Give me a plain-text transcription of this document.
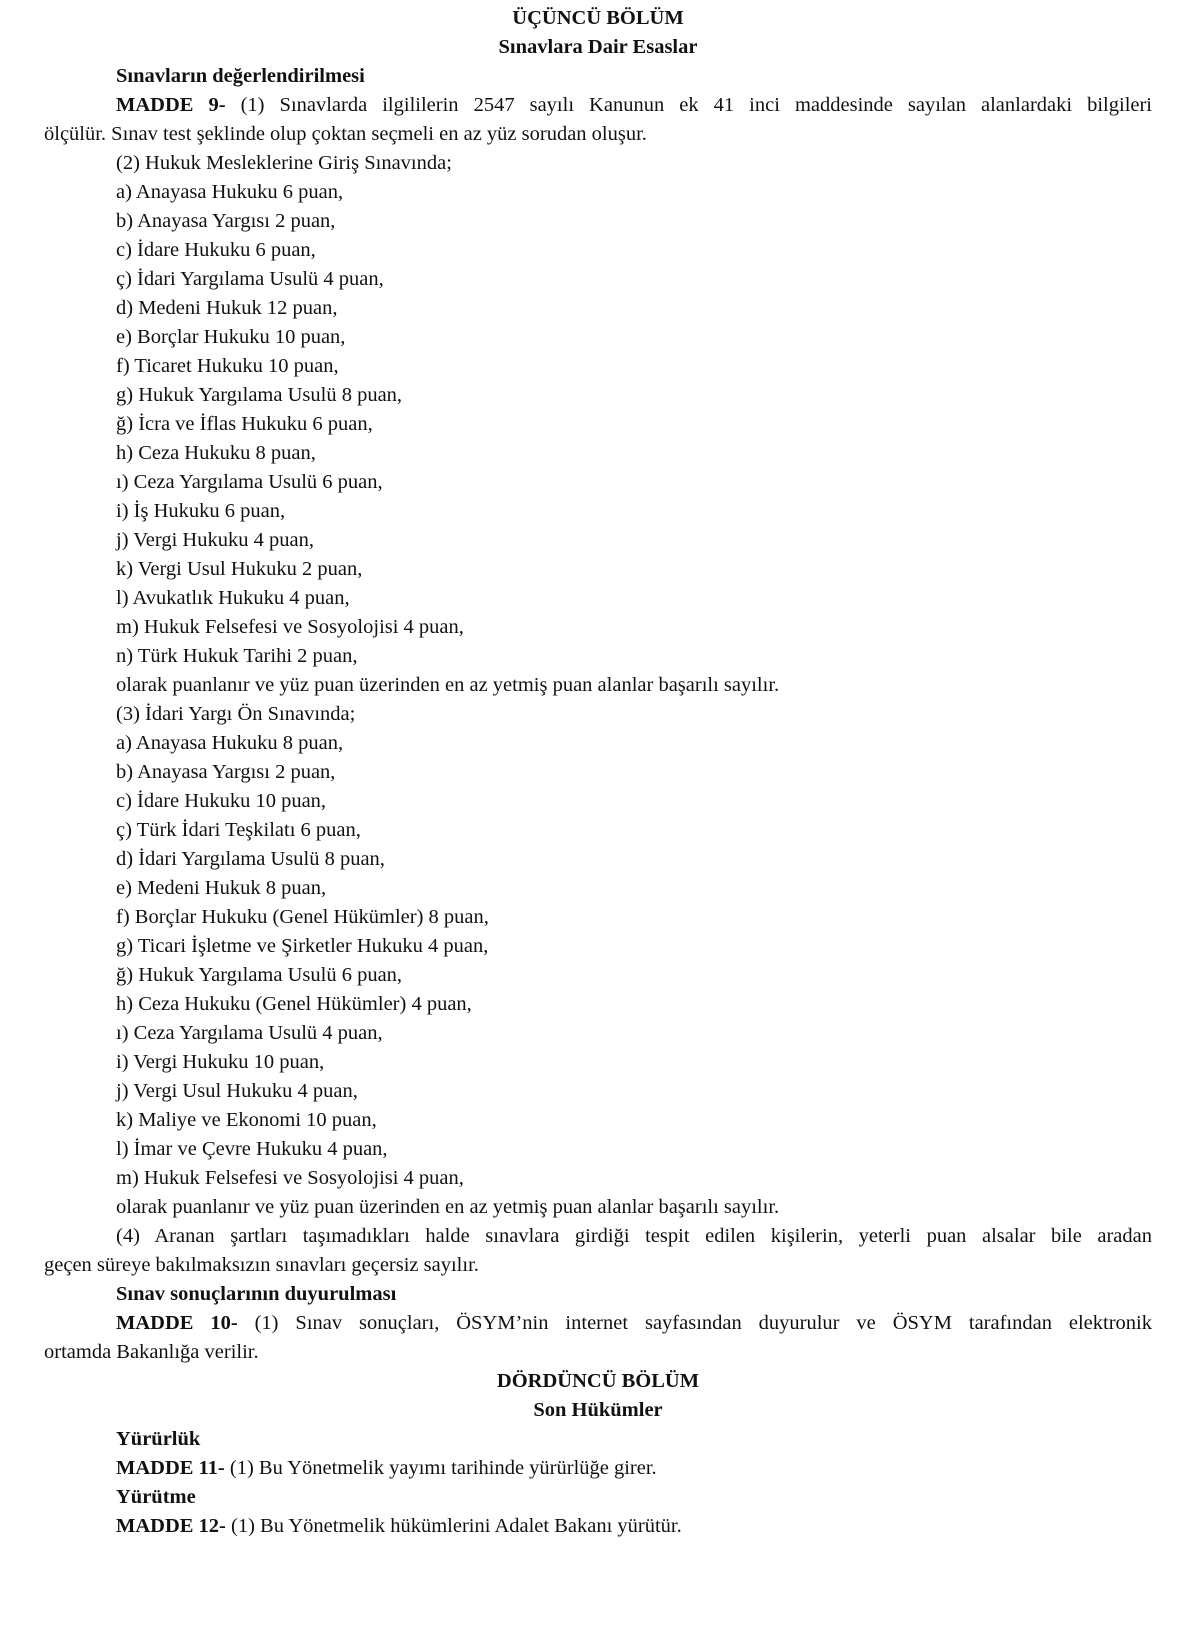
ÜÇÜNCÜ BÖLÜM
Sınavlara Dair Esaslar
Sınavların değerlendirilmesi
MADDE 9- (1) Sınavlarda ilgililerin 2547 sayılı Kanunun ek 41 inci maddesinde sayılan alanlardaki bilgileri
ölçülür. Sınav test şeklinde olup çoktan seçmeli en az yüz sorudan oluşur.
(2) Hukuk Mesleklerine Giriş Sınavında;
a) Anayasa Hukuku 6 puan,
b) Anayasa Yargısı 2 puan,
c) İdare Hukuku 6 puan,
ç) İdari Yargılama Usulü 4 puan,
d) Medeni Hukuk 12 puan,
e) Borçlar Hukuku 10 puan,
f) Ticaret Hukuku 10 puan,
g) Hukuk Yargılama Usulü 8 puan,
ğ) İcra ve İflas Hukuku 6 puan,
h) Ceza Hukuku 8 puan,
ı) Ceza Yargılama Usulü 6 puan,
i) İş Hukuku 6 puan,
j) Vergi Hukuku 4 puan,
k) Vergi Usul Hukuku 2 puan,
l) Avukatlık Hukuku 4 puan,
m) Hukuk Felsefesi ve Sosyolojisi 4 puan,
n) Türk Hukuk Tarihi 2 puan,
olarak puanlanır ve yüz puan üzerinden en az yetmiş puan alanlar başarılı sayılır.
(3) İdari Yargı Ön Sınavında;
a) Anayasa Hukuku 8 puan,
b) Anayasa Yargısı 2 puan,
c) İdare Hukuku 10 puan,
ç) Türk İdari Teşkilatı 6 puan,
d) İdari Yargılama Usulü 8 puan,
e) Medeni Hukuk 8 puan,
f) Borçlar Hukuku (Genel Hükümler) 8 puan,
g) Ticari İşletme ve Şirketler Hukuku 4 puan,
ğ) Hukuk Yargılama Usulü 6 puan,
h) Ceza Hukuku (Genel Hükümler) 4 puan,
ı) Ceza Yargılama Usulü 4 puan,
i) Vergi Hukuku 10 puan,
j) Vergi Usul Hukuku 4 puan,
k) Maliye ve Ekonomi 10 puan,
l) İmar ve Çevre Hukuku 4 puan,
m) Hukuk Felsefesi ve Sosyolojisi 4 puan,
olarak puanlanır ve yüz puan üzerinden en az yetmiş puan alanlar başarılı sayılır.
(4) Aranan şartları taşımadıkları halde sınavlara girdiği tespit edilen kişilerin, yeterli puan alsalar bile aradan
geçen süreye bakılmaksızın sınavları geçersiz sayılır.
Sınav sonuçlarının duyurulması
MADDE 10- (1) Sınav sonuçları, ÖSYM’nin internet sayfasından duyurulur ve ÖSYM tarafından elektronik
ortamda Bakanlığa verilir.
DÖRDÜNCÜ BÖLÜM
Son Hükümler
Yürürlük
MADDE 11- (1) Bu Yönetmelik yayımı tarihinde yürürlüğe girer.
Yürütme
MADDE 12- (1) Bu Yönetmelik hükümlerini Adalet Bakanı yürütür.
